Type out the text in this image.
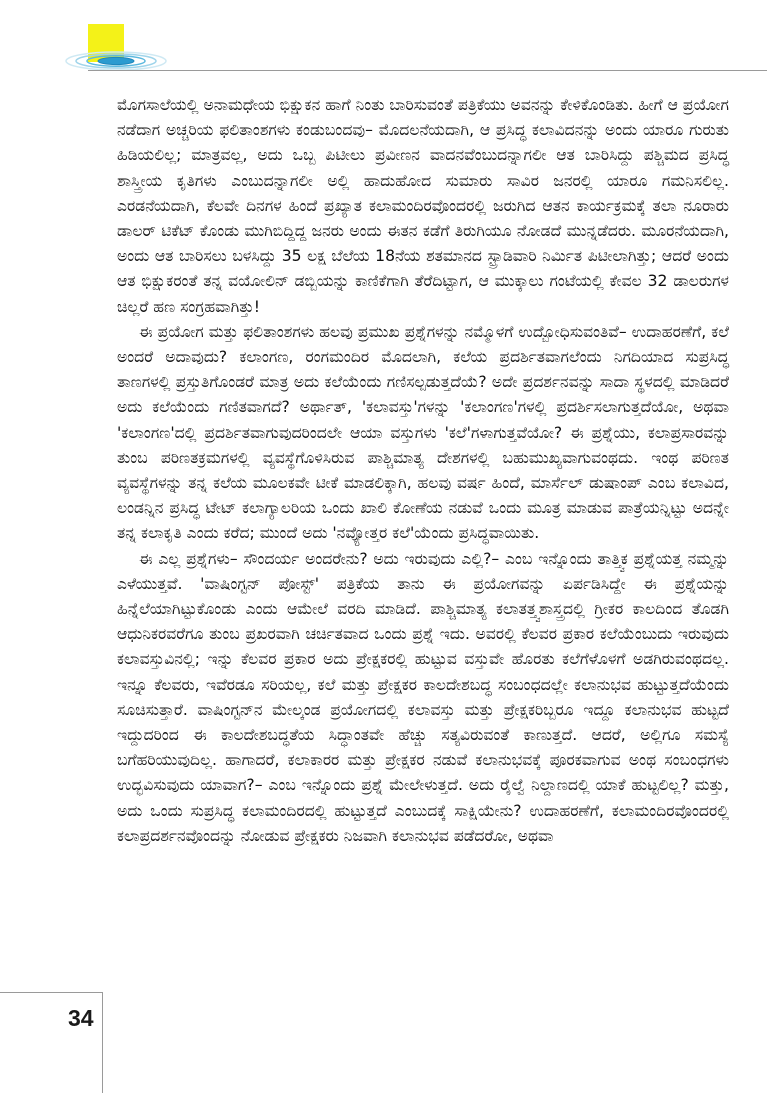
ಮೊಗಸಾಲೆಯಲ್ಲಿ ಅನಾಮಧೇಯ ಭಿಕ್ಷುಕನ ಹಾಗೆ ನಿಂತು ಬಾರಿಸುವಂತೆ ಪತ್ರಿಕೆಯು ಅವನನ್ನು ಕೇಳಿಕೊಂಡಿತು. ಹೀಗೆ ಆ ಪ್ರಯೋಗ ನಡೆದಾಗ ಅಚ್ಚರಿಯ ಫಲಿತಾಂಶಗಳು ಕಂಡುಬಂದವು– ಮೊದಲನೆಯದಾಗಿ, ಆ ಪ್ರಸಿದ್ಧ ಕಲಾವಿದನನ್ನು ಅಂದು ಯಾರೂ ಗುರುತು ಹಿಡಿಯಲಿಲ್ಲ; ಮಾತ್ರವಲ್ಲ, ಅದು ಒಬ್ಬ ಪಿಟೀಲು ಪ್ರವೀಣನ ವಾದನವೆಂಬುದನ್ನಾಗಲೀ ಆತ ಬಾರಿಸಿದ್ದು ಪಶ್ಚಿಮದ ಪ್ರಸಿದ್ಧ ಶಾಸ್ತ್ರೀಯ ಕೃತಿಗಳು ಎಂಬುದನ್ನಾಗಲೀ ಅಲ್ಲಿ ಹಾದುಹೋದ ಸುಮಾರು ಸಾವಿರ ಜನರಲ್ಲಿ ಯಾರೂ ಗಮನಿಸಲಿಲ್ಲ. ಎರಡನೆಯದಾಗಿ, ಕೆಲವೇ ದಿನಗಳ ಹಿಂದೆ ಪ್ರಖ್ಯಾತ ಕಲಾಮಂದಿರವೊಂದರಲ್ಲಿ ಜರುಗಿದ ಆತನ ಕಾರ್ಯಕ್ರಮಕ್ಕೆ ತಲಾ ನೂರಾರು ಡಾಲರ್ ಟಿಕೆಟ್ ಕೊಂಡು ಮುಗಿಬಿದ್ದಿದ್ದ ಜನರು ಅಂದು ಈತನ ಕಡೆಗೆ ತಿರುಗಿಯೂ ನೋಡದೆ ಮುನ್ನಡೆದರು. ಮೂರನೆಯದಾಗಿ, ಅಂದು ಆತ ಬಾರಿಸಲು ಬಳಸಿದ್ದು 35 ಲಕ್ಷ ಬೆಲೆಯ 18ನೆಯ ಶತಮಾನದ ಸ್ಟ್ರಾಡಿವಾರಿ ನಿರ್ಮಿತ ಪಿಟೀಲಾಗಿತ್ತು; ಆದರೆ ಅಂದು ಆತ ಭಿಕ್ಷುಕರಂತೆ ತನ್ನ ವಯೋಲಿನ್ ಡಬ್ಬಿಯನ್ನು ಕಾಣಿಕೆಗಾಗಿ ತೆರೆದಿಟ್ಟಾಗ, ಆ ಮುಕ್ಕಾಲು ಗಂಟೆಯಲ್ಲಿ ಕೇವಲ 32 ಡಾಲರುಗಳ ಚಿಲ್ಲರೆ ಹಣ ಸಂಗ್ರಹವಾಗಿತ್ತು!

ಈ ಪ್ರಯೋಗ ಮತ್ತು ಫಲಿತಾಂಶಗಳು ಹಲವು ಪ್ರಮುಖ ಪ್ರಶ್ನೆಗಳನ್ನು ನಮ್ಮೊಳಗೆ ಉದ್ಬೋಧಿಸುವಂತಿವೆ– ಉದಾಹರಣೆಗೆ, ಕಲೆ ಅಂದರೆ ಅದಾವುದು? ಕಲಾಂಗಣ, ರಂಗಮಂದಿರ ಮೊದಲಾಗಿ, ಕಲೆಯ ಪ್ರದರ್ಶಿತವಾಗಲೆಂದು ನಿಗದಿಯಾದ ಸುಪ್ರಸಿದ್ಧ ತಾಣಗಳಲ್ಲಿ ಪ್ರಸ್ತುತಿಗೊಂಡರೆ ಮಾತ್ರ ಅದು ಕಲೆಯೆಂದು ಗಣಿಸಲ್ಪಡುತ್ತದೆಯೆ? ಅದೇ ಪ್ರದರ್ಶನವನ್ನು ಸಾದಾ ಸ್ಥಳದಲ್ಲಿ ಮಾಡಿದರೆ ಅದು ಕಲೆಯೆಂದು ಗಣಿತವಾಗದೆ? ಅರ್ಥಾತ್, 'ಕಲಾವಸ್ತು'ಗಳನ್ನು 'ಕಲಾಂಗಣ'ಗಳಲ್ಲಿ ಪ್ರದರ್ಶಿಸಲಾಗುತ್ತದೆಯೋ, ಅಥವಾ 'ಕಲಾಂಗಣ'ದಲ್ಲಿ ಪ್ರದರ್ಶಿತವಾಗುವುದರಿಂದಲೇ ಆಯಾ ವಸ್ತುಗಳು 'ಕಲೆ'ಗಳಾಗುತ್ತವೆಯೋ? ಈ ಪ್ರಶ್ನೆಯು, ಕಲಾಪ್ರಸಾರವನ್ನು ತುಂಬ ಪರಿಣತಕ್ರಮಗಳಲ್ಲಿ ವ್ಯವಸ್ಥೆಗೊಳಿಸಿರುವ ಪಾಶ್ಚಿಮಾತ್ಯ ದೇಶಗಳಲ್ಲಿ ಬಹುಮುಖ್ಯವಾಗುವಂಥದು. ಇಂಥ ಪರಿಣತ ವ್ಯವಸ್ಥೆಗಳನ್ನು ತನ್ನ ಕಲೆಯ ಮೂಲಕವೇ ಟೀಕೆ ಮಾಡಲಿಕ್ಕಾಗಿ, ಹಲವು ವರ್ಷ ಹಿಂದೆ, ಮಾರ್ಸೆಲ್ ಡುಷಾಂಪ್ ಎಂಬ ಕಲಾವಿದ, ಲಂಡನ್ನಿನ ಪ್ರಸಿದ್ಧ ಟೇಟ್ ಕಲಾಗ್ಯಾಲರಿಯ ಒಂದು ಖಾಲಿ ಕೋಣೆಯ ನಡುವೆ ಒಂದು ಮೂತ್ರ ಮಾಡುವ ಪಾತ್ರೆಯನ್ನಿಟ್ಟು ಅದನ್ನೇ ತನ್ನ ಕಲಾಕೃತಿ ಎಂದು ಕರೆದ; ಮುಂದೆ ಅದು 'ನವ್ಯೋತ್ತರ ಕಲೆ'ಯೆಂದು ಪ್ರಸಿದ್ಧವಾಯಿತು.

ಈ ಎಲ್ಲ ಪ್ರಶ್ನೆಗಳು– ಸೌಂದರ್ಯ ಅಂದರೇನು? ಅದು ಇರುವುದು ಎಲ್ಲಿ?– ಎಂಬ ಇನ್ನೊಂದು ತಾತ್ತ್ವಿಕ ಪ್ರಶ್ನೆಯತ್ತ ನಮ್ಮನ್ನು ಎಳೆಯುತ್ತವೆ. 'ವಾಷಿಂಗ್ಟನ್ ಪೋಸ್ಟ್' ಪತ್ರಿಕೆಯ ತಾನು ಈ ಪ್ರಯೋಗವನ್ನು ಏರ್ಪಡಿಸಿದ್ದೇ ಈ ಪ್ರಶ್ನೆಯನ್ನು ಹಿನ್ನೆಲೆಯಾಗಿಟ್ಟುಕೊಂಡು ಎಂದು ಆಮೇಲೆ ವರದಿ ಮಾಡಿದೆ. ಪಾಶ್ಚಿಮಾತ್ಯ ಕಲಾತತ್ತ್ವಶಾಸ್ತ್ರದಲ್ಲಿ ಗ್ರೀಕರ ಕಾಲದಿಂದ ತೊಡಗಿ ಆಧುನಿಕರವರೆಗೂ ತುಂಬ ಪ್ರಖರವಾಗಿ ಚರ್ಚಿತವಾದ ಒಂದು ಪ್ರಶ್ನೆ ಇದು. ಅವರಲ್ಲಿ ಕೆಲವರ ಪ್ರಕಾರ ಕಲೆಯೆಂಬುದು ಇರುವುದು ಕಲಾವಸ್ತುವಿನಲ್ಲಿ; ಇನ್ನು ಕೆಲವರ ಪ್ರಕಾರ ಅದು ಪ್ರೇಕ್ಷಕರಲ್ಲಿ ಹುಟ್ಟುವ ವಸ್ತುವೇ ಹೊರತು ಕಲೆಗೆಳೊಳಗೆ ಅಡಗಿರುವಂಥದಲ್ಲ. ಇನ್ನೂ ಕೆಲವರು, ಇವೆರಡೂ ಸರಿಯಲ್ಲ, ಕಲೆ ಮತ್ತು ಪ್ರೇಕ್ಷಕರ ಕಾಲದೇಶಬದ್ಧ ಸಂಬಂಧದಲ್ಲೇ ಕಲಾನುಭವ ಹುಟ್ಟುತ್ತದೆಯೆಂದು ಸೂಚಿಸುತ್ತಾರೆ. ವಾಷಿಂಗ್ಟನ್‌ನ ಮೇಲ್ಕಂಡ ಪ್ರಯೋಗದಲ್ಲಿ ಕಲಾವಸ್ತು ಮತ್ತು ಪ್ರೇಕ್ಷಕರಿಬ್ಬರೂ ಇದ್ದೂ ಕಲಾನುಭವ ಹುಟ್ಟದೆ ಇದ್ದುದರಿಂದ ಈ ಕಾಲದೇಶಬದ್ಧತೆಯ ಸಿದ್ಧಾಂತವೇ ಹೆಚ್ಚು ಸತ್ಯವಿರುವಂತೆ ಕಾಣುತ್ತದೆ. ಆದರೆ, ಅಲ್ಲಿಗೂ ಸಮಸ್ಯೆ ಬಗೆಹರಿಯುವುದಿಲ್ಲ. ಹಾಗಾದರೆ, ಕಲಾಕಾರರ ಮತ್ತು ಪ್ರೇಕ್ಷಕರ ನಡುವೆ ಕಲಾನುಭವಕ್ಕೆ ಪೂರಕವಾಗುವ ಅಂಥ ಸಂಬಂಧಗಳು ಉದ್ಭವಿಸುವುದು ಯಾವಾಗ?– ಎಂಬ ಇನ್ನೊಂದು ಪ್ರಶ್ನೆ ಮೇಲೇಳುತ್ತದೆ. ಅದು ರೈಲ್ವೆ ನಿಲ್ದಾಣದಲ್ಲಿ ಯಾಕೆ ಹುಟ್ಟಲಿಲ್ಲ? ಮತ್ತು, ಅದು ಒಂದು ಸುಪ್ರಸಿದ್ಧ ಕಲಾಮಂದಿರದಲ್ಲಿ ಹುಟ್ಟುತ್ತದೆ ಎಂಬುದಕ್ಕೆ ಸಾಕ್ಷಿಯೇನು? ಉದಾಹರಣೆಗೆ, ಕಲಾಮಂದಿರವೊಂದರಲ್ಲಿ ಕಲಾಪ್ರದರ್ಶನವೊಂದನ್ನು ನೋಡುವ ಪ್ರೇಕ್ಷಕರು ನಿಜವಾಗಿ ಕಲಾನುಭವ ಪಡೆದರೋ, ಅಥವಾ

34
